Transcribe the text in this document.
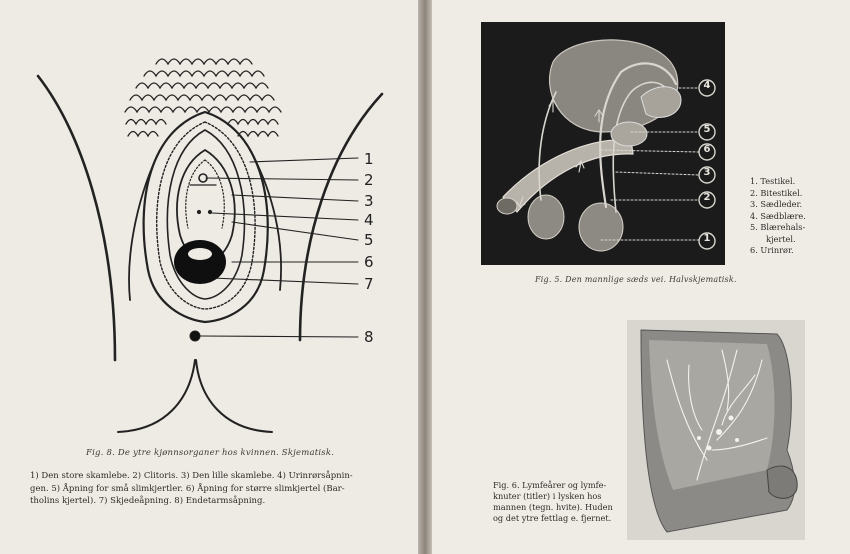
1
2
3
4
5
6
7
8
Fig. 8. De ytre kjønnsorganer hos kvinnen. Skjematisk.
1) Den store skamlebe. 2) Clitoris. 3) Den lille skamlebe. 4) Urinrørsåpnin-
gen. 5) Åpning for små slimkjertler. 6) Åpning for større slimkjertel (Bar-
tholins kjertel). 7) Skjedeåpning. 8) Endetarmsåpning.
4
5
6
3
2
1
Fig. 5. Den mannlige sæds vei. Halvskjematisk.
1. Testikel.
2. Bitestikel.
3. Sædleder.
4. Sædblære.
5. Blærehals-
kjertel.
6. Urinrør.
Fig. 6. Lymfeårer og lymfe-
knuter (titler) i lysken hos
mannen (tegn. hvite). Huden
og det ytre fettlag e. fjernet.
